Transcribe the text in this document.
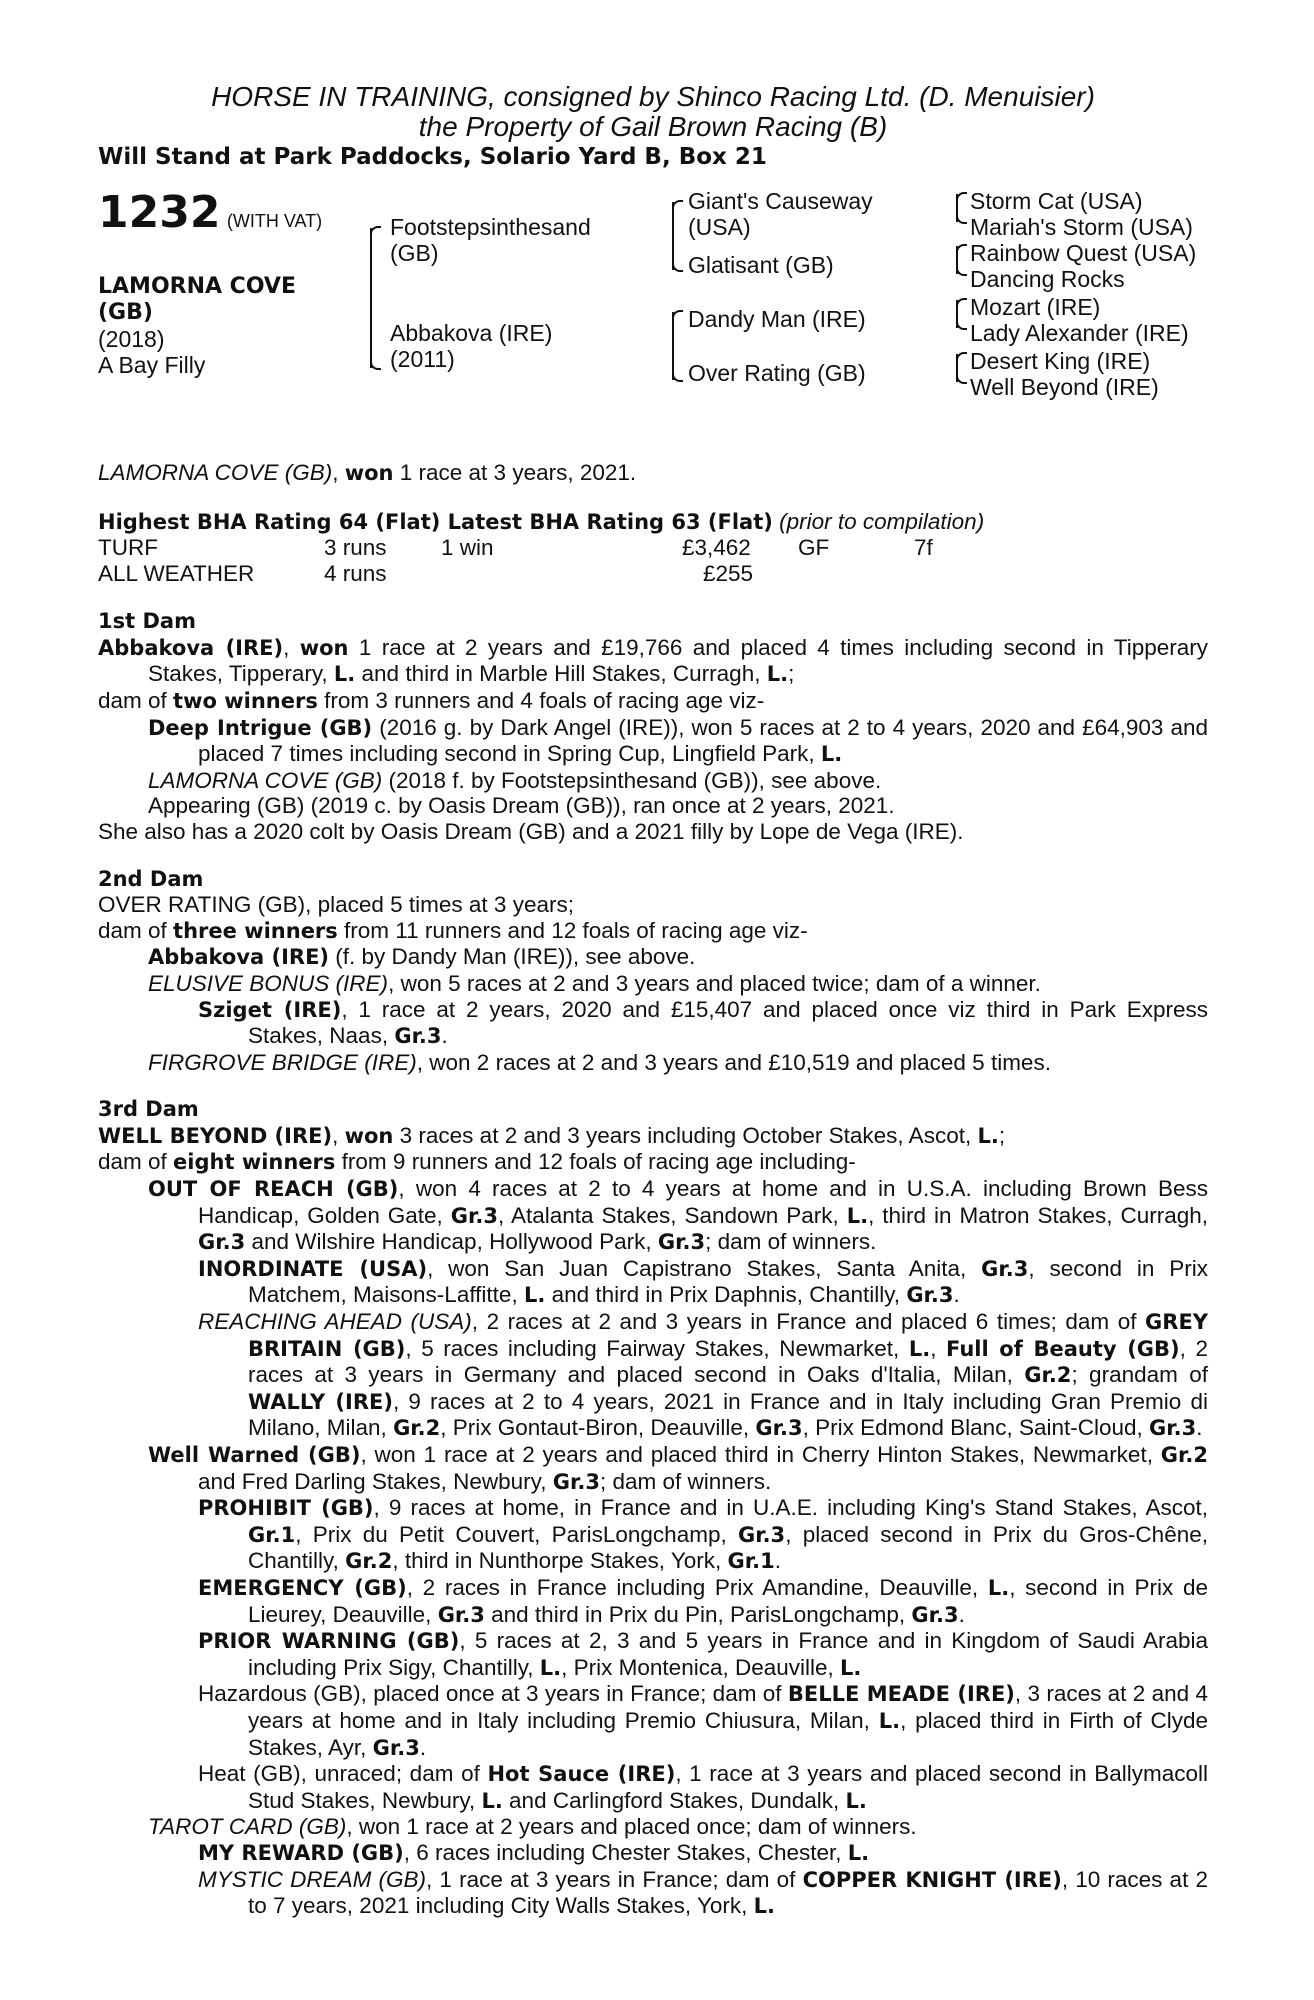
HORSE IN TRAINING, consigned by Shinco Racing Ltd. (D. Menuisier)
the Property of Gail Brown Racing (B)
Will Stand at Park Paddocks, Solario Yard B, Box 21
1232 (WITH VAT)
LAMORNA COVE
(GB)
(2018)
A Bay Filly
Footstepsinthesand
(GB)
Abbakova (IRE)
(2011)
Giant's Causeway
(USA)
Glatisant (GB)
Dandy Man (IRE)
Over Rating (GB)
Storm Cat (USA)
Mariah's Storm (USA)
Rainbow Quest (USA)
Dancing Rocks
Mozart (IRE)
Lady Alexander (IRE)
Desert King (IRE)
Well Beyond (IRE)
LAMORNA COVE (GB), won 1 race at 3 years, 2021.
Highest BHA Rating 64 (Flat) Latest BHA Rating 63 (Flat) (prior to compilation)
TURF	3 runs 1 win	£3,462 GF	7f
ALL WEATHER	4 runs	£255

1st Dam

Abbakova (IRE), won 1 race at 2 years and £19,766 and placed 4 times including second in Tipperary Stakes, Tipperary, L. and third in Marble Hill Stakes, Curragh, L.;

dam of two winners from 3 runners and 4 foals of racing age viz-

Deep Intrigue (GB) (2016 g. by Dark Angel (IRE)), won 5 races at 2 to 4 years, 2020 and £64,903 and placed 7 times including second in Spring Cup, Lingfield Park, L.

LAMORNA COVE (GB) (2018 f. by Footstepsinthesand (GB)), see above.

Appearing (GB) (2019 c. by Oasis Dream (GB)), ran once at 2 years, 2021.

She also has a 2020 colt by Oasis Dream (GB) and a 2021 filly by Lope de Vega (IRE).

2nd Dam

OVER RATING (GB), placed 5 times at 3 years;

dam of three winners from 11 runners and 12 foals of racing age viz-

Abbakova (IRE) (f. by Dandy Man (IRE)), see above.

ELUSIVE BONUS (IRE), won 5 races at 2 and 3 years and placed twice; dam of a winner.

Sziget (IRE), 1 race at 2 years, 2020 and £15,407 and placed once viz third in Park Express Stakes, Naas, Gr.3.

FIRGROVE BRIDGE (IRE), won 2 races at 2 and 3 years and £10,519 and placed 5 times.

3rd Dam

WELL BEYOND (IRE), won 3 races at 2 and 3 years including October Stakes, Ascot, L.;

dam of eight winners from 9 runners and 12 foals of racing age including-

OUT OF REACH (GB), won 4 races at 2 to 4 years at home and in U.S.A. including Brown Bess Handicap, Golden Gate, Gr.3, Atalanta Stakes, Sandown Park, L., third in Matron Stakes, Curragh, Gr.3 and Wilshire Handicap, Hollywood Park, Gr.3; dam of winners.

INORDINATE (USA), won San Juan Capistrano Stakes, Santa Anita, Gr.3, second in Prix Matchem, Maisons-Laffitte, L. and third in Prix Daphnis, Chantilly, Gr.3.

REACHING AHEAD (USA), 2 races at 2 and 3 years in France and placed 6 times; dam of GREY BRITAIN (GB), 5 races including Fairway Stakes, Newmarket, L., Full of Beauty (GB), 2 races at 3 years in Germany and placed second in Oaks d'Italia, Milan, Gr.2; grandam of WALLY (IRE), 9 races at 2 to 4 years, 2021 in France and in Italy including Gran Premio di Milano, Milan, Gr.2, Prix Gontaut-Biron, Deauville, Gr.3, Prix Edmond Blanc, Saint-Cloud, Gr.3.

Well Warned (GB), won 1 race at 2 years and placed third in Cherry Hinton Stakes, Newmarket, Gr.2 and Fred Darling Stakes, Newbury, Gr.3; dam of winners.

PROHIBIT (GB), 9 races at home, in France and in U.A.E. including King's Stand Stakes, Ascot, Gr.1, Prix du Petit Couvert, ParisLongchamp, Gr.3, placed second in Prix du Gros-Chêne, Chantilly, Gr.2, third in Nunthorpe Stakes, York, Gr.1.

EMERGENCY (GB), 2 races in France including Prix Amandine, Deauville, L., second in Prix de Lieurey, Deauville, Gr.3 and third in Prix du Pin, ParisLongchamp, Gr.3.

PRIOR WARNING (GB), 5 races at 2, 3 and 5 years in France and in Kingdom of Saudi Arabia including Prix Sigy, Chantilly, L., Prix Montenica, Deauville, L.

Hazardous (GB), placed once at 3 years in France; dam of BELLE MEADE (IRE), 3 races at 2 and 4 years at home and in Italy including Premio Chiusura, Milan, L., placed third in Firth of Clyde Stakes, Ayr, Gr.3.

Heat (GB), unraced; dam of Hot Sauce (IRE), 1 race at 3 years and placed second in Ballymacoll Stud Stakes, Newbury, L. and Carlingford Stakes, Dundalk, L.

TAROT CARD (GB), won 1 race at 2 years and placed once; dam of winners.

MY REWARD (GB), 6 races including Chester Stakes, Chester, L.

MYSTIC DREAM (GB), 1 race at 3 years in France; dam of COPPER KNIGHT (IRE), 10 races at 2 to 7 years, 2021 including City Walls Stakes, York, L.
